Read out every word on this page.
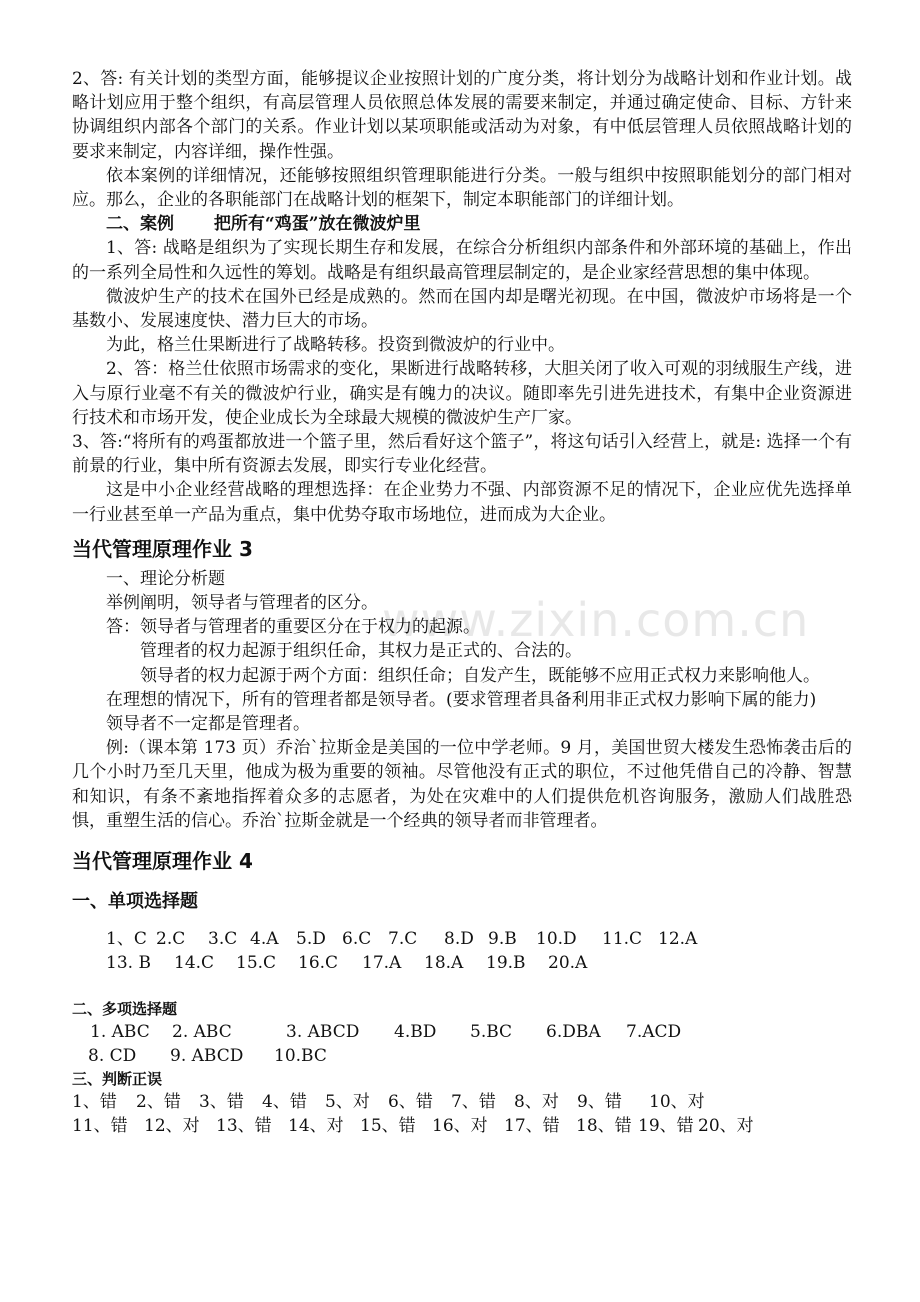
www.zixin.com.cn

2、答: 有关计划的类型方面，能够提议企业按照计划的广度分类，将计划分为战略计划和作业计划。战略计划应用于整个组织，有高层管理人员依照总体发展的需要来制定，并通过确定使命、目标、方针来协调组织内部各个部门的关系。作业计划以某项职能或活动为对象，有中低层管理人员依照战略计划的要求来制定，内容详细，操作性强。

依本案例的详细情况，还能够按照组织管理职能进行分类。一般与组织中按照职能划分的部门相对应。那么，企业的各职能部门在战略计划的框架下，制定本职能部门的详细计划。

二、案例　　 把所有“鸡蛋”放在微波炉里

1、答: 战略是组织为了实现长期生存和发展，在综合分析组织内部条件和外部环境的基础上，作出的一系列全局性和久远性的筹划。战略是有组织最高管理层制定的，是企业家经营思想的集中体现。

微波炉生产的技术在国外已经是成熟的。然而在国内却是曙光初现。在中国，微波炉市场将是一个基数小、发展速度快、潜力巨大的市场。

为此，格兰仕果断进行了战略转移。投资到微波炉的行业中。

2、答：格兰仕依照市场需求的变化，果断进行战略转移，大胆关闭了收入可观的羽绒服生产线，进入与原行业毫不有关的微波炉行业，确实是有魄力的决议。随即率先引进先进技术，有集中企业资源进行技术和市场开发，使企业成长为全球最大规模的微波炉生产厂家。

3、答:“将所有的鸡蛋都放进一个篮子里，然后看好这个篮子”，将这句话引入经营上，就是: 选择一个有前景的行业，集中所有资源去发展，即实行专业化经营。

这是中小企业经营战略的理想选择：在企业势力不强、内部资源不足的情况下，企业应优先选择单一行业甚至单一产品为重点，集中优势夺取市场地位，进而成为大企业。

当代管理原理作业 3

一、理论分析题

举例阐明，领导者与管理者的区分。

答：领导者与管理者的重要区分在于权力的起源。

管理者的权力起源于组织任命，其权力是正式的、合法的。

领导者的权力起源于两个方面：组织任命；自发产生，既能够不应用正式权力来影响他人。

在理想的情况下，所有的管理者都是领导者。(要求管理者具备利用非正式权力影响下属的能力)

领导者不一定都是管理者。

例:（课本第 173 页）乔治`拉斯金是美国的一位中学老师。9 月，美国世贸大楼发生恐怖袭击后的几个小时乃至几天里，他成为极为重要的领袖。尽管他没有正式的职位，不过他凭借自己的冷静、智慧和知识，有条不紊地指挥着众多的志愿者，为处在灾难中的人们提供危机咨询服务，激励人们战胜恐惧，重塑生活的信心。乔治`拉斯金就是一个经典的领导者而非管理者。

当代管理原理作业 4
一、单项选择题
1、C 2.C	3.C 4.A	5.D 6.C 7.C	8.D 9.B	10.D	11.C 12.A
13. B	14.C	15.C	16.C	17.A	18.A	19.B	20.A
二、多项选择题
1. ABC	2. ABC	3. ABCD	4.BD	5.BC	6.DBA	7.ACD
8. CD	9. ABCD	10.BC
三、判断正误
1、错	2、错	3、错	4、错	5、对	6、错	7、错	8、对	9、错	10、对
11、错 12、对 13、错 14、对 15、错 16、对 17、错 18、错 19、错 20、对
